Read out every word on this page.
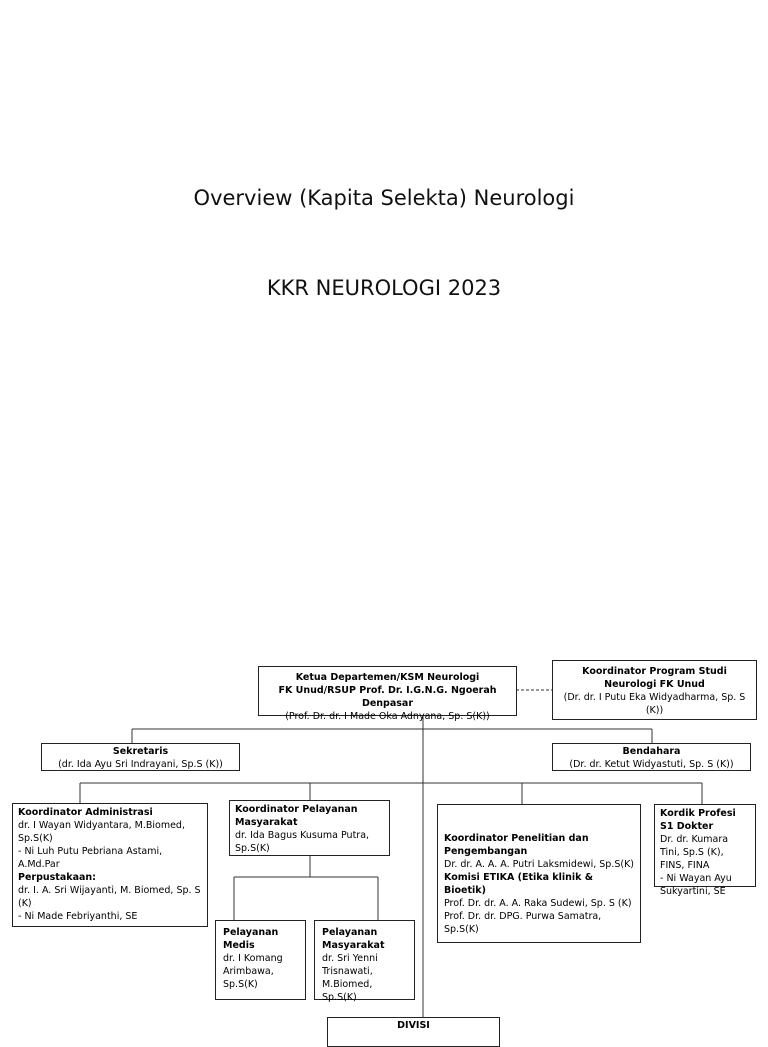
Overview (Kapita Selekta) Neurologi
KKR NEUROLOGI 2023
Ketua Departemen/KSM Neurologi
FK Unud/RSUP Prof. Dr. I.G.N.G. Ngoerah Denpasar
(Prof. Dr. dr. I Made Oka Adnyana, Sp. S(K))
Koordinator Program Studi Neurologi FK Unud
(Dr. dr. I Putu Eka Widyadharma, Sp. S (K))
Sekretaris
(dr. Ida Ayu Sri Indrayani, Sp.S (K))
Bendahara
(Dr. dr. Ketut Widyastuti, Sp. S (K))
Koordinator Administrasi
dr. I Wayan Widyantara, M.Biomed, Sp.S(K)
- Ni Luh Putu Pebriana Astami, A.Md.Par
Perpustakaan:
dr. I. A. Sri Wijayanti, M. Biomed, Sp. S (K)
- Ni Made Febriyanthi, SE
Koordinator Pelayanan Masyarakat
dr. Ida Bagus Kusuma Putra, Sp.S(K)
Pelayanan Medis
dr. I Komang Arimbawa, Sp.S(K)
Pelayanan Masyarakat
dr. Sri Yenni Trisnawati, M.Biomed, Sp.S(K)
Koordinator Penelitian dan Pengembangan
Dr. dr. A. A. A. Putri Laksmidewi, Sp.S(K)
Komisi ETIKA (Etika klinik & Bioetik)
Prof. Dr. dr. A. A. Raka Sudewi, Sp. S (K)
Prof. Dr. dr. DPG. Purwa Samatra, Sp.S(K)
Kordik Profesi S1 Dokter
Dr. dr. Kumara Tini, Sp.S (K), FINS, FINA
- Ni Wayan Ayu Sukyartini, SE
DIVISI
